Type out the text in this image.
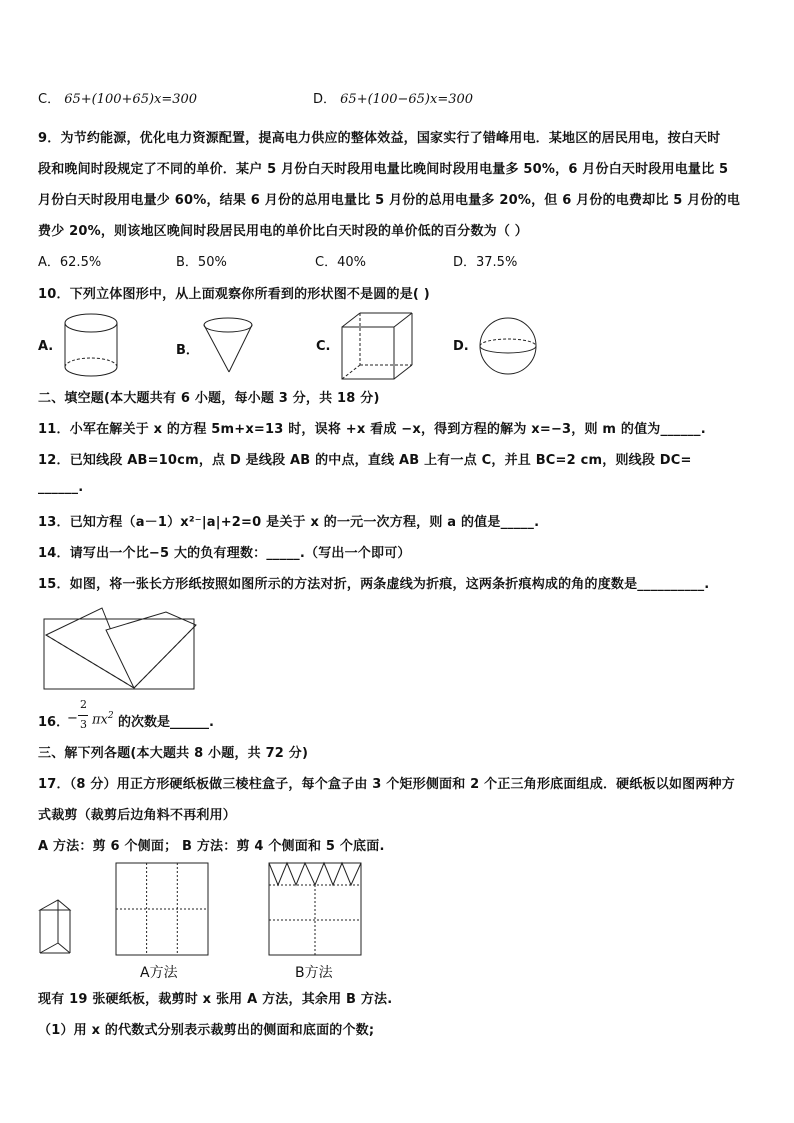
C． 65+(100+65)x=300	D． 65+(100−65)x=300
9．为节约能源，优化电力资源配置，提高电力供应的整体效益，国家实行了错峰用电．某地区的居民用电，按白天时
段和晚间时段规定了不同的单价．某户 5 月份白天时段用电量比晚间时段用电量多 50%，6 月份白天时段用电量比 5
月份白天时段用电量少 60%，结果 6 月份的总用电量比 5 月份的总用电量多 20%，但 6 月份的电费却比 5 月份的电
费少 20%，则该地区晚间时段居民用电的单价比白天时段的单价低的百分数为（ ）
A．62.5%	B．50%	C．40%	D．37.5%
10．下列立体图形中，从上面观察你所看到的形状图不是圆的是( )
A.	B．	C.	D.
二、填空题(本大题共有 6 小题，每小题 3 分，共 18 分)
11．小军在解关于 x 的方程 5m+x=13 时，误将 +x 看成 −x，得到方程的解为 x=−3，则 m 的值为______.
12．已知线段 AB=10cm，点 D 是线段 AB 的中点，直线 AB 上有一点 C，并且 BC=2 cm，则线段 DC=
______.
13．已知方程（a－1）x²⁻|a|+2=0 是关于 x 的一元一次方程，则 a 的值是_____.
14．请写出一个比−5 大的负有理数：_____.（写出一个即可）
15．如图，将一张长方形纸按照如图所示的方法对折，两条虚线为折痕，这两条折痕构成的角的度数是__________.
16．
−
2
3 $\pi x^2$ 的次数是______.
三、解下列各题(本大题共 8 小题，共 72 分)
17．（8 分）用正方形硬纸板做三棱柱盒子，每个盒子由 3 个矩形侧面和 2 个正三角形底面组成．硬纸板以如图两种方
式裁剪（裁剪后边角料不再利用）
A 方法：剪 6 个侧面； B 方法：剪 4 个侧面和 5 个底面.
A方法	B方法
现有 19 张硬纸板，裁剪时 x 张用 A 方法，其余用 B 方法.
（1）用 x 的代数式分别表示裁剪出的侧面和底面的个数;
